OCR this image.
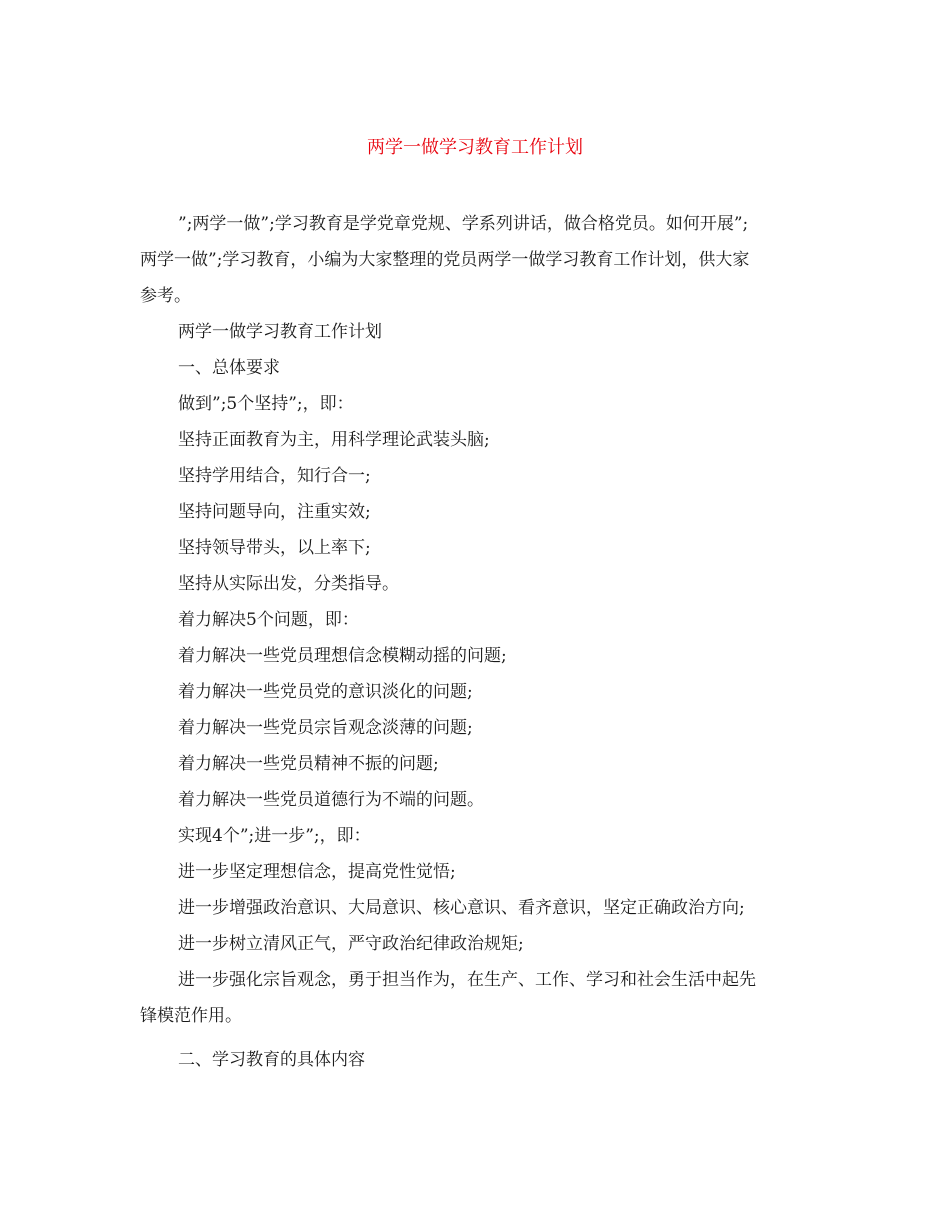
两学一做学习教育工作计划

”;两学一做”;学习教育是学党章党规、学系列讲话，做合格党员。如何开展”;

两学一做”;学习教育，小编为大家整理的党员两学一做学习教育工作计划，供大家

参考。

两学一做学习教育工作计划

一、总体要求

做到”;5个坚持”;，即：

坚持正面教育为主，用科学理论武装头脑;

坚持学用结合，知行合一;

坚持问题导向，注重实效;

坚持领导带头，以上率下;

坚持从实际出发，分类指导。

着力解决5个问题，即：

着力解决一些党员理想信念模糊动摇的问题;

着力解决一些党员党的意识淡化的问题;

着力解决一些党员宗旨观念淡薄的问题;

着力解决一些党员精神不振的问题;

着力解决一些党员道德行为不端的问题。

实现4个”;进一步”;，即：

进一步坚定理想信念，提高党性觉悟;

进一步增强政治意识、大局意识、核心意识、看齐意识，坚定正确政治方向;

进一步树立清风正气，严守政治纪律政治规矩;

进一步强化宗旨观念，勇于担当作为，在生产、工作、学习和社会生活中起先

锋模范作用。

二、学习教育的具体内容
